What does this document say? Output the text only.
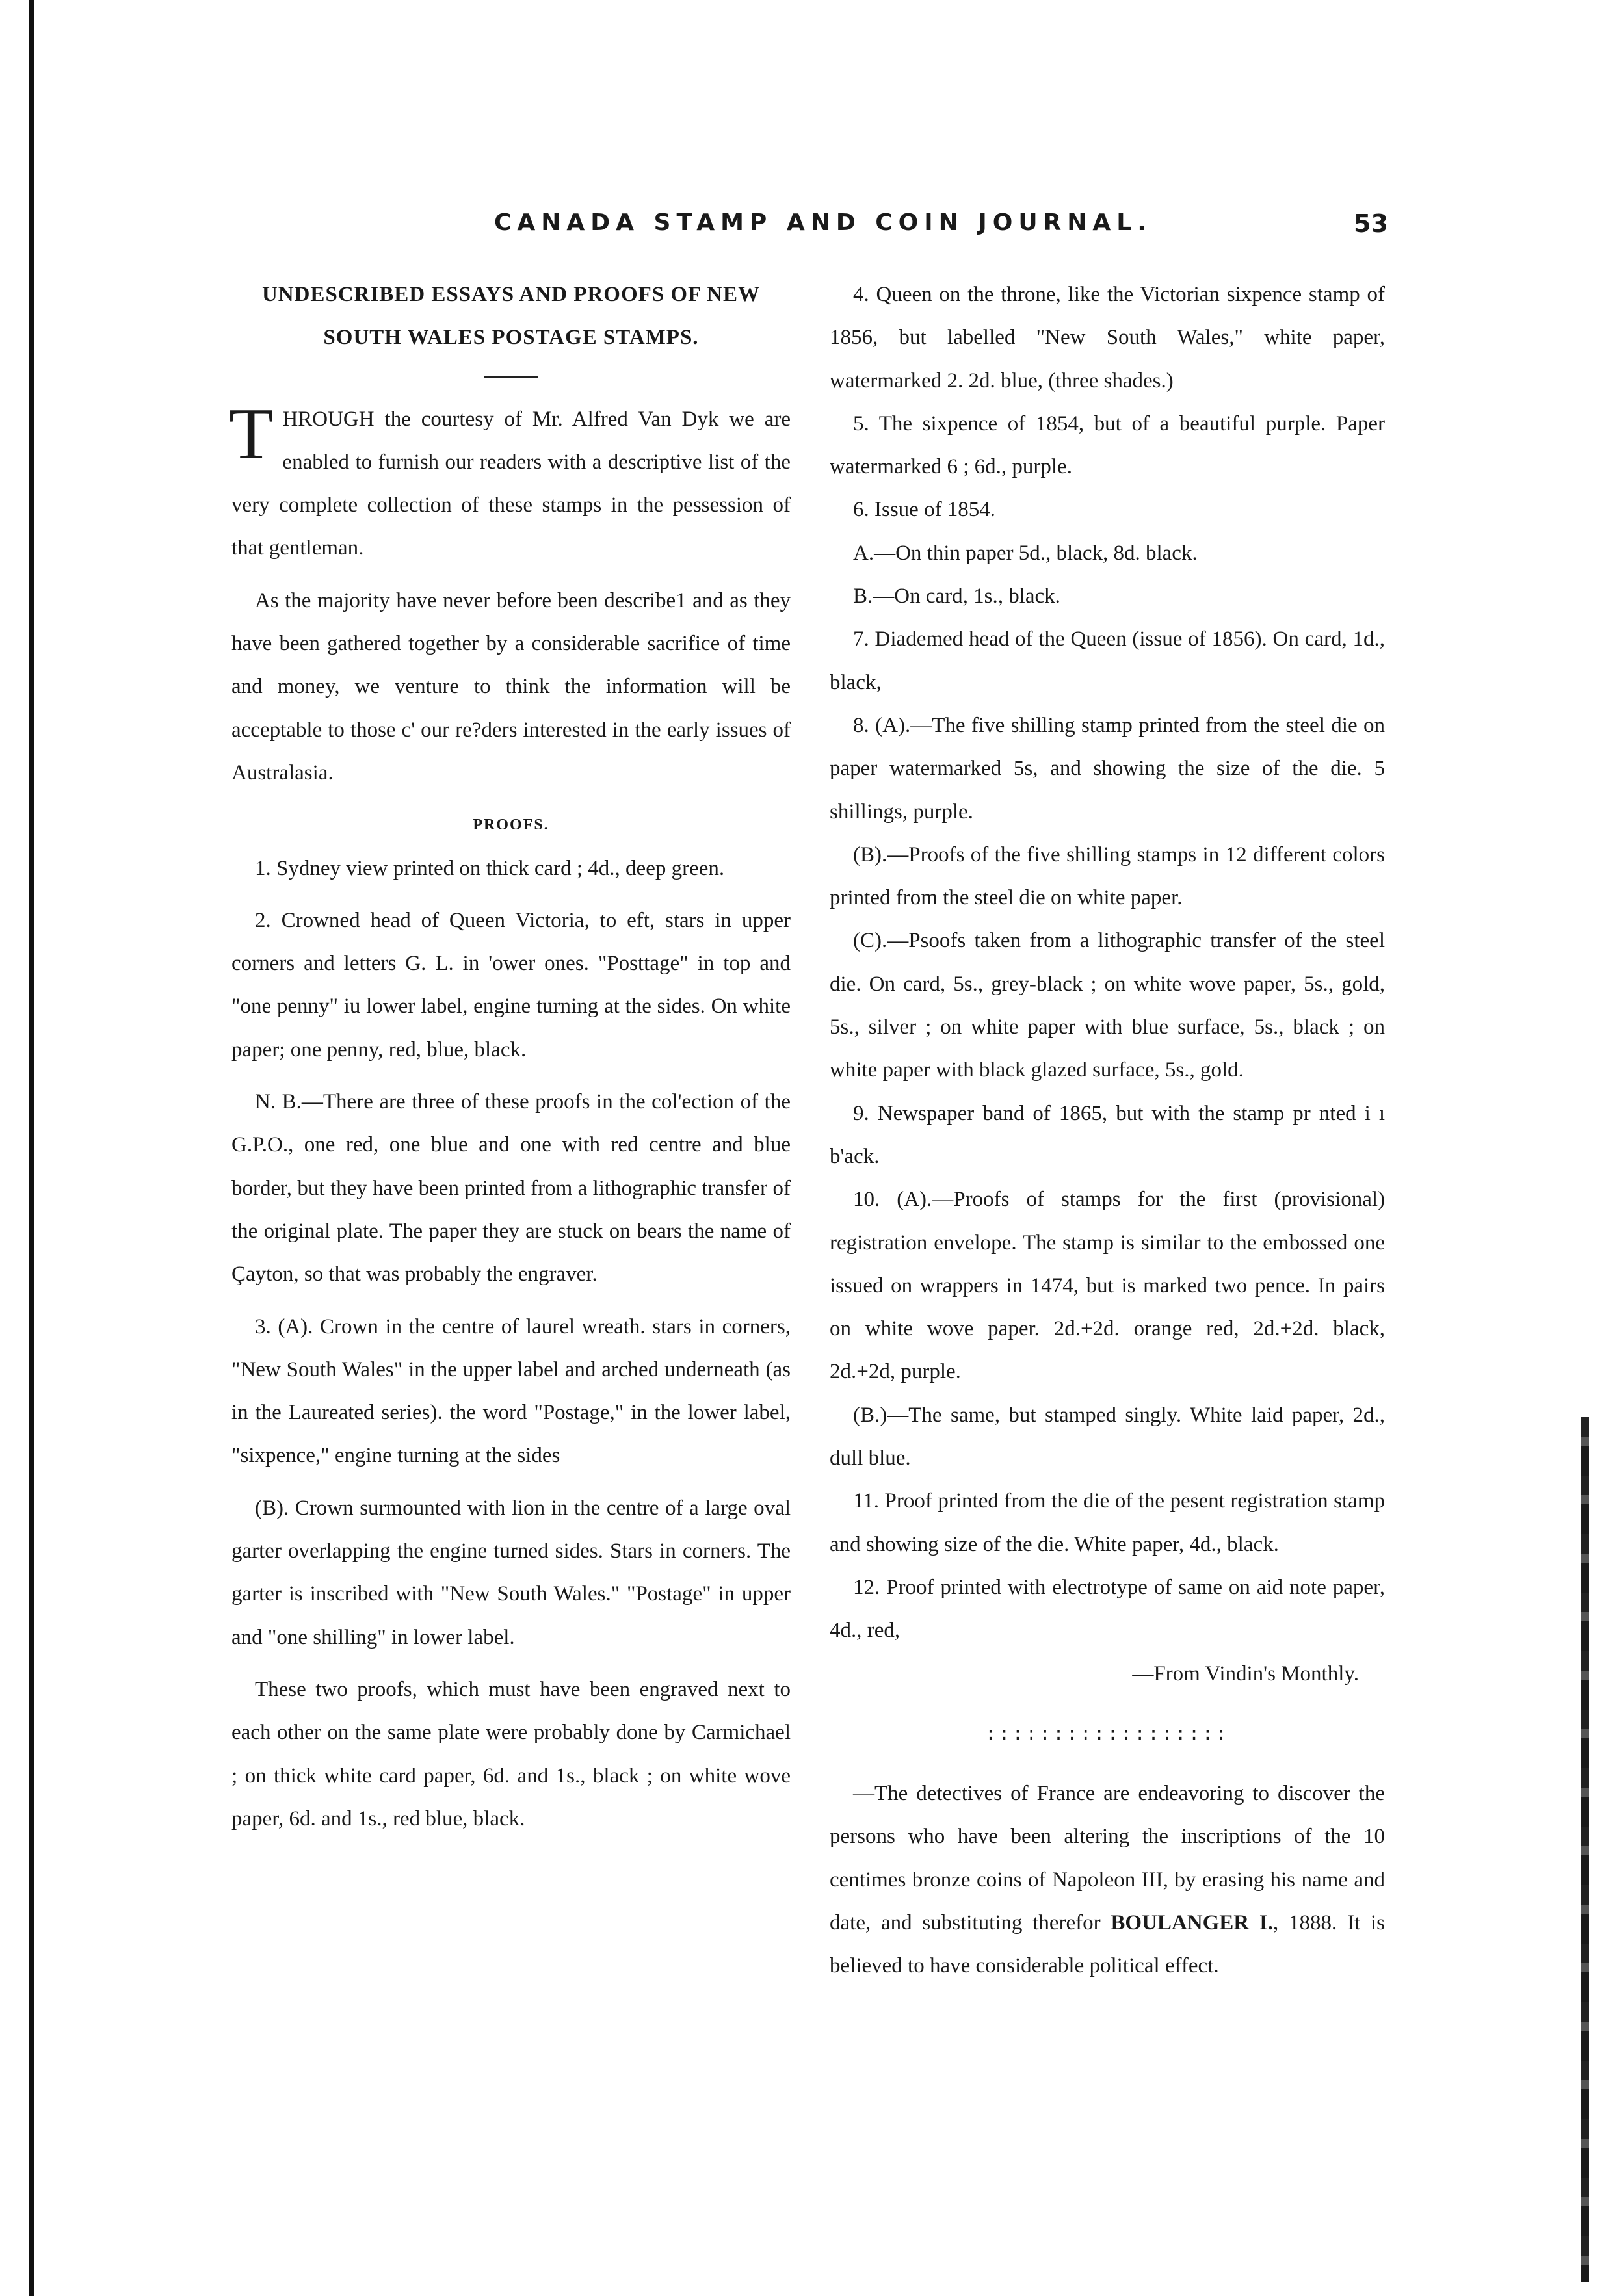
CANADA STAMP AND COIN JOURNAL.	53

UNDESCRIBED ESSAYS AND PROOFS OF NEW

SOUTH WALES POSTAGE STAMPS.

THROUGH the courtesy of Mr. Alfred Van Dyk we are enabled to furnish our readers with a descriptive list of the very complete collection of these stamps in the pessession of that gentleman.

As the majority have never before been describe1 and as they have been gathered together by a considerable sacrifice of time and money, we venture to think the information will be acceptable to those c' our re?ders interested in the early issues of Australasia.

PROOFS.

1. Sydney view printed on thick card ; 4d., deep green.

2. Crowned head of Queen Victoria, to eft, stars in upper corners and letters G. L. in 'ower ones. "Posttage" in top and "one penny" iu lower label, engine turning at the sides. On white paper; one penny, red, blue, black.

N. B.—There are three of these proofs in the col'ection of the G.P.O., one red, one blue and one with red centre and blue border, but they have been printed from a lithographic transfer of the original plate. The paper they are stuck on bears the name of Çayton, so that was probably the engraver.

3. (A). Crown in the centre of laurel wreath. stars in corners, "New South Wales" in the upper label and arched underneath (as in the Laureated series). the word "Postage," in the lower label, "sixpence," engine turning at the sides

(B). Crown surmounted with lion in the centre of a large oval garter overlapping the engine turned sides. Stars in corners. The garter is inscribed with "New South Wales." "Postage" in upper and "one shilling" in lower label.

These two proofs, which must have been engraved next to each other on the same plate were probably done by Carmichael ; on thick white card paper, 6d. and 1s., black ; on white wove paper, 6d. and 1s., red blue, black.

4. Queen on the throne, like the Victorian sixpence stamp of 1856, but labelled "New South Wales," white paper, watermarked 2. 2d. blue, (three shades.)

5. The sixpence of 1854, but of a beautiful purple. Paper watermarked 6 ; 6d., purple.

6. Issue of 1854.

A.—On thin paper 5d., black, 8d. black.

B.—On card, 1s., black.

7. Diademed head of the Queen (issue of 1856). On card, 1d., black,

8. (A).—The five shilling stamp printed from the steel die on paper watermarked 5s, and showing the size of the die. 5 shillings, purple.

(B).—Proofs of the five shilling stamps in 12 different colors printed from the steel die on white paper.

(C).—Psoofs taken from a lithographic transfer of the steel die. On card, 5s., grey-black ; on white wove paper, 5s., gold, 5s., silver ; on white paper with blue surface, 5s., black ; on white paper with black glazed surface, 5s., gold.

9. Newspaper band of 1865, but with the stamp pr nted i ı b'ack.

10. (A).—Proofs of stamps for the first (provisional) registration envelope. The stamp is similar to the embossed one issued on wrappers in 1474, but is marked two pence. In pairs on white wove paper. 2d.+2d. orange red, 2d.+2d. black, 2d.+2d, purple.

(B.)—The same, but stamped singly. White laid paper, 2d., dull blue.

11. Proof printed from the die of the pesent registration stamp and showing size of the die. White paper, 4d., black.

12. Proof printed with electrotype of same on aid note paper, 4d., red,

—From Vindin's Monthly.

::::::::::::::::::

—The detectives of France are endeavoring to discover the persons who have been altering the inscriptions of the 10 centimes bronze coins of Napoleon III, by erasing his name and date, and substituting therefor BOULANGER I., 1888. It is believed to have considerable political effect.
